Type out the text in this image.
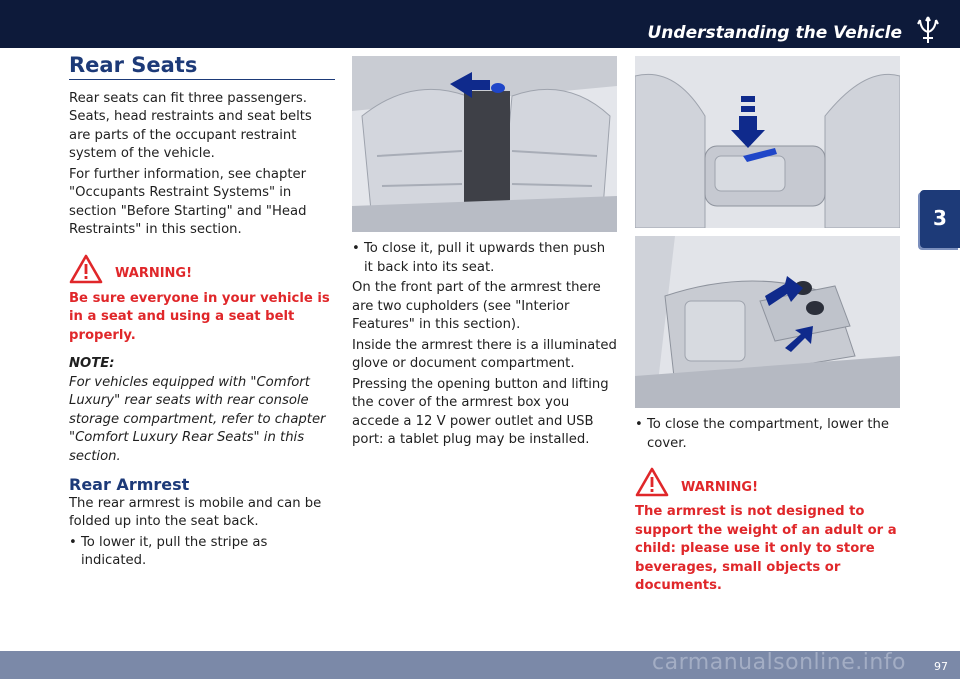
Understanding the Vehicle
3
Rear Seats

Rear seats can fit three passengers. Seats, head restraints and seat belts are parts of the occupant restraint system of the vehicle.

For further information, see chapter "Occupants Restraint Systems" in section "Before Starting" and "Head Restraints" in this section.

WARNING!
Be sure everyone in your vehicle is in a seat and using a seat belt properly.
NOTE:
For vehicles equipped with "Comfort Luxury" rear seats with rear console storage compartment, refer to chapter "Comfort Luxury Rear Seats" in this section.
Rear Armrest

The rear armrest is mobile and can be folded up into the seat back.

• To lower it, pull the stripe as indicated.
• To close it, pull it upwards then push it back into its seat.

On the front part of the armrest there are two cupholders (see "Interior Features" in this section).

Inside the armrest there is a illuminated glove or document compartment.

Pressing the opening button and lifting the cover of the armrest box you accede a 12 V power outlet and USB port: a tablet plug may be installed.

• To close the compartment, lower the cover.
WARNING!
The armrest is not designed to support the weight of an adult or a child: please use it only to store beverages, small objects or documents.
carmanualsonline.info	97
